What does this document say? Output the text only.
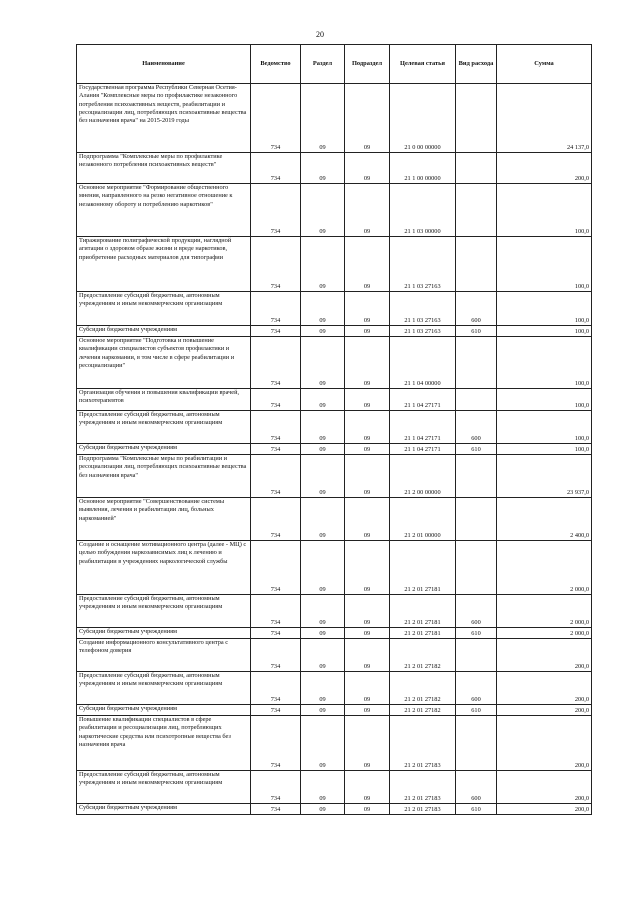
20
Наименование	Ведомство	Раздел	Подраздел	Целевая статья	Вид расхода	Сумма
Государственная программа Республики Северная Осетия-Алания "Комплексные меры по профилактике незаконного потребления психоактивных веществ, реабилитации и ресоциализации лиц, потребляющих психоактивные вещества без назначения врача" на 2015-2019 годы	734	09	09	21 0 00 00000		24 137,0
Подпрограмма "Комплексные меры по профилактике незаконного потребления психоактивных веществ"	734	09	09	21 1 00 00000		200,0
Основное мероприятие "Формирование общественного мнения, направленного на резко негативное отношение к незаконному обороту и потреблению наркотиков"	734	09	09	21 1 03 00000		100,0
Тиражирование полиграфической продукции, наглядной агитации о здоровом образе жизни и вреде наркотиков, приобретение расходных материалов для типографии	734	09	09	21 1 03 27163		100,0
Предоставление субсидий бюджетным, автономным учреждениям и иным некоммерческим организациям	734	09	09	21 1 03 27163	600	100,0
Субсидии бюджетным учреждениям	734	09	09	21 1 03 27163	610	100,0
Основное мероприятие "Подготовка и повышение квалификации специалистов субъектов профилактики и лечения наркомании, в том числе в сфере реабилитации и ресоциализации"	734	09	09	21 1 04 00000		100,0
Организация обучения и повышения квалификации врачей, психотерапевтов	734	09	09	21 1 04 27171		100,0
Предоставление субсидий бюджетным, автономным учреждениям и иным некоммерческим организациям	734	09	09	21 1 04 27171	600	100,0
Субсидии бюджетным учреждениям	734	09	09	21 1 04 27171	610	100,0
Подпрограмма "Комплексные меры по реабилитации и ресоциализации лиц, потребляющих психоактивные вещества без назначения врача"	734	09	09	21 2 00 00000		23 937,0
Основное мероприятие "Совершенствование системы выявления, лечения и реабилитации лиц, больных наркоманией"	734	09	09	21 2 01 00000		2 400,0
Создание и оснащение мотивационного центра (далее - МЦ) с целью побуждения наркозависимых лиц к лечению и реабилитации в учреждениях наркологической службы	734	09	09	21 2 01 27181		2 000,0
Предоставление субсидий бюджетным, автономным учреждениям и иным некоммерческим организациям	734	09	09	21 2 01 27181	600	2 000,0
Субсидии бюджетным учреждениям	734	09	09	21 2 01 27181	610	2 000,0
Создание информационного консультативного центра с телефоном доверия	734	09	09	21 2 01 27182		200,0
Предоставление субсидий бюджетным, автономным учреждениям и иным некоммерческим организациям	734	09	09	21 2 01 27182	600	200,0
Субсидии бюджетным учреждениям	734	09	09	21 2 01 27182	610	200,0
Повышение квалификации специалистов в сфере реабилитации и ресоциализации лиц, потребляющих наркотические средства или психотропные вещества без назначения врача	734	09	09	21 2 01 27183		200,0
Предоставление субсидий бюджетным, автономным учреждениям и иным некоммерческим организациям	734	09	09	21 2 01 27183	600	200,0
Субсидии бюджетным учреждениям	734	09	09	21 2 01 27183	610	200,0
